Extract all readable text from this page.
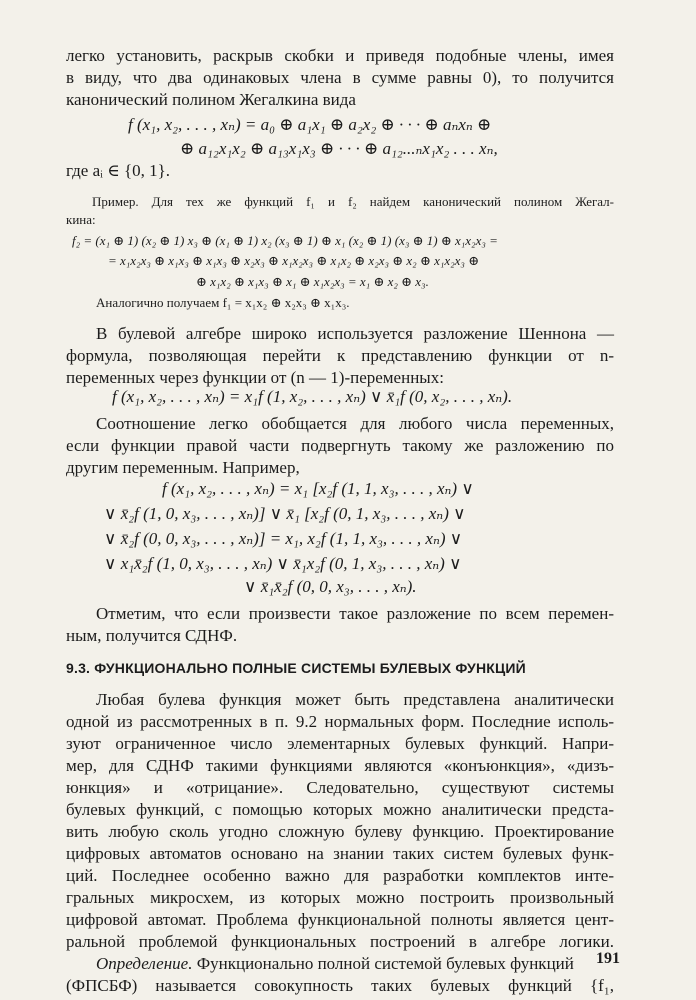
легко установить, раскрыв скобки и приведя подобные члены, имея
в виду, что два одинаковых члена в сумме равны 0), то получится
канонический полином Жегалкина вида
f (x₁, x₂, . . . , xₙ) = a₀ ⊕ a₁x₁ ⊕ a₂x₂ ⊕ · · · ⊕ aₙxₙ ⊕
⊕ a₁₂x₁x₂ ⊕ a₁₃x₁x₃ ⊕ · · · ⊕ a₁₂...ₙx₁x₂ . . . xₙ,
где aᵢ ∈ {0, 1}.
Пример. Для тех же функций f₁ и f₂ найдем канонический полином Жегал-
кина:
f₂ = (x₁ ⊕ 1) (x₂ ⊕ 1) x₃ ⊕ (x₁ ⊕ 1) x₂ (x₃ ⊕ 1) ⊕ x₁ (x₂ ⊕ 1) (x₃ ⊕ 1) ⊕ x₁x₂x₃ =
= x₁x₂x₃ ⊕ x₁x₃ ⊕ x₁x₃ ⊕ x₂x₃ ⊕ x₁x₂x₃ ⊕ x₁x₂ ⊕ x₂x₃ ⊕ x₂ ⊕ x₁x₂x₃ ⊕
⊕ x₁x₂ ⊕ x₁x₃ ⊕ x₁ ⊕ x₁x₂x₃ = x₁ ⊕ x₂ ⊕ x₃.
Аналогично получаем f₁ = x₁x₂ ⊕ x₂x₃ ⊕ x₁x₃.
В булевой алгебре широко используется разложение Шеннона —
формула, позволяющая перейти к представлению функции от n-
переменных через функции от (n — 1)-переменных:
f (x₁, x₂, . . . , xₙ) = x₁f (1, x₂, . . . , xₙ) ∨ x̄₁f (0, x₂, . . . , xₙ).
Соотношение легко обобщается для любого числа переменных,
если функции правой части подвергнуть такому же разложению по
другим переменным. Например,
f (x₁, x₂, . . . , xₙ) = x₁ [x₂f (1, 1, x₃, . . . , xₙ) ∨
∨ x̄₂f (1, 0, x₃, . . . , xₙ)] ∨ x̄₁ [x₂f (0, 1, x₃, . . . , xₙ) ∨
∨ x̄₂f (0, 0, x₃, . . . , xₙ)] = x₁, x₂f (1, 1, x₃, . . . , xₙ) ∨
∨ x₁x̄₂f (1, 0, x₃, . . . , xₙ) ∨ x̄₁x₂f (0, 1, x₃, . . . , xₙ) ∨
∨ x̄₁x̄₂f (0, 0, x₃, . . . , xₙ).
Отметим, что если произвести такое разложение по всем перемен-
ным, получится СДНФ.
9.3. ФУНКЦИОНАЛЬНО ПОЛНЫЕ СИСТЕМЫ БУЛЕВЫХ ФУНКЦИЙ
Любая булева функция может быть представлена аналитически
одной из рассмотренных в п. 9.2 нормальных форм. Последние исполь-
зуют ограниченное число элементарных булевых функций. Напри-
мер, для СДНФ такими функциями являются «конъюнкция», «дизъ-
юнкция» и «отрицание». Следовательно, существуют системы
булевых функций, с помощью которых можно аналитически предста-
вить любую сколь угодно сложную булеву функцию. Проектирование
цифровых автоматов основано на знании таких систем булевых функ-
ций. Последнее особенно важно для разработки комплектов инте-
гральных микросхем, из которых можно построить произвольный
цифровой автомат. Проблема функциональной полноты является цент-
ральной проблемой функциональных построений в алгебре логики.
Определение. Функционально полной системой булевых функций
(ФПСБФ) называется совокупность таких булевых функций {f₁,
191
